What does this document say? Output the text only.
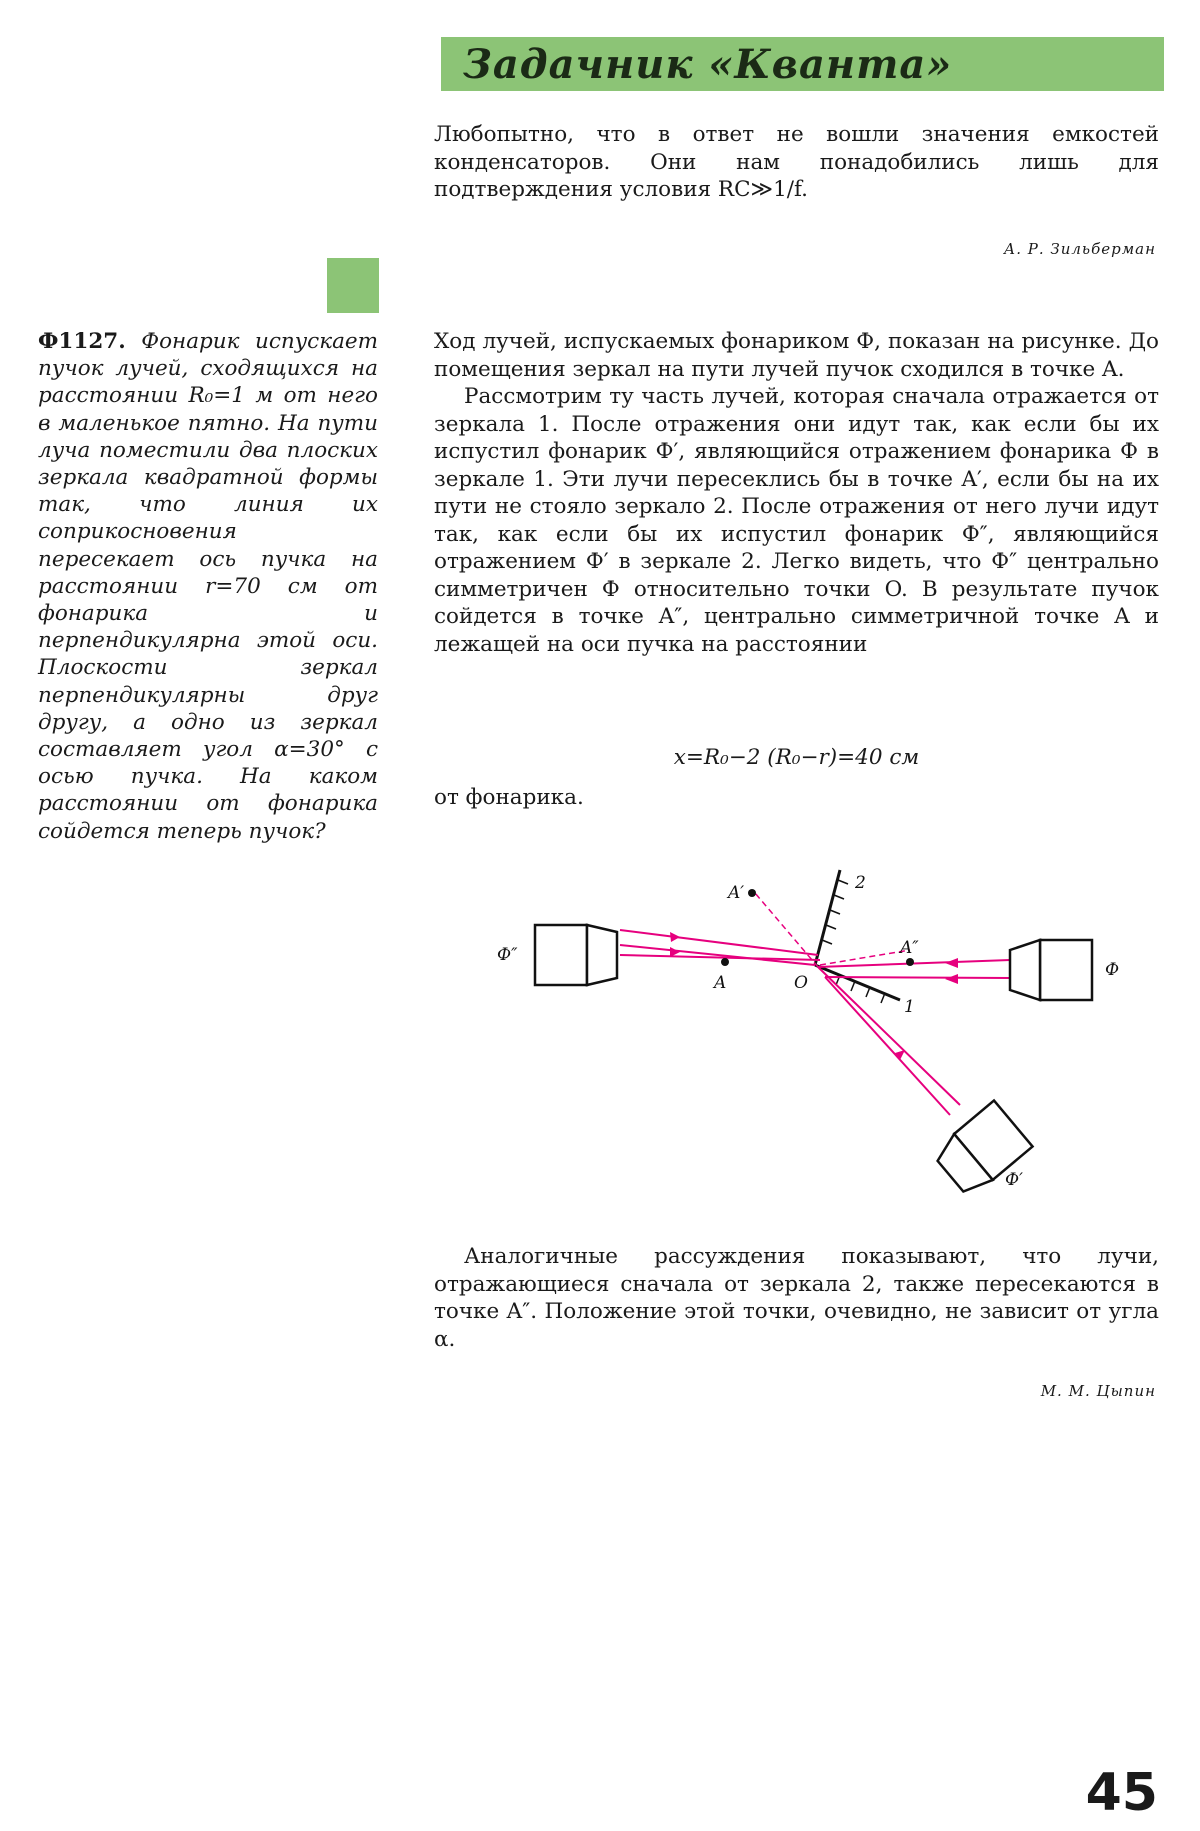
Задачник «Кванта»

Любопытно, что в ответ не вошли значения емкостей конденсаторов. Они нам понадобились лишь для подтверждения условия RC≫1/f.

А. Р. Зильберман
Ф1127. Фонарик испускает пучок лучей, сходящихся на расстоянии R₀=1 м от него в маленькое пятно. На пути луча поместили два плоских зеркала квадратной формы так, что линия их соприкосновения пересекает ось пучка на расстоянии r=70 см от фонарика и перпендикулярна этой оси. Плоскости зеркал перпендикулярны друг другу, а одно из зеркал составляет угол α=30° с осью пучка. На каком расстоянии от фонарика сойдется теперь пучок?

Ход лучей, испускаемых фонариком Ф, показан на рисунке. До помещения зеркал на пути лучей пучок сходился в точке A.

Рассмотрим ту часть лучей, которая сначала отражается от зеркала 1. После отражения они идут так, как если бы их испустил фонарик Ф′, являющийся отражением фонарика Ф в зеркале 1. Эти лучи пересеклись бы в точке A′, если бы на их пути не стояло зеркало 2. После отражения от него лучи идут так, как если бы их испустил фонарик Ф″, являющийся отражением Ф′ в зеркале 2. Легко видеть, что Ф″ центрально симметричен Ф относительно точки O. В результате пучок сойдется в точке A″, центрально симметричной точке A и лежащей на оси пучка на расстоянии

x=R₀−2 (R₀−r)=40 см
от фонарика.
Ф
Ф″
Ф′
A′
A
A″
O
1
2

Аналогичные рассуждения показывают, что лучи, отражающиеся сначала от зеркала 2, также пересекаются в точке A″. Положение этой точки, очевидно, не зависит от угла α.

М. М. Цыпин
45
